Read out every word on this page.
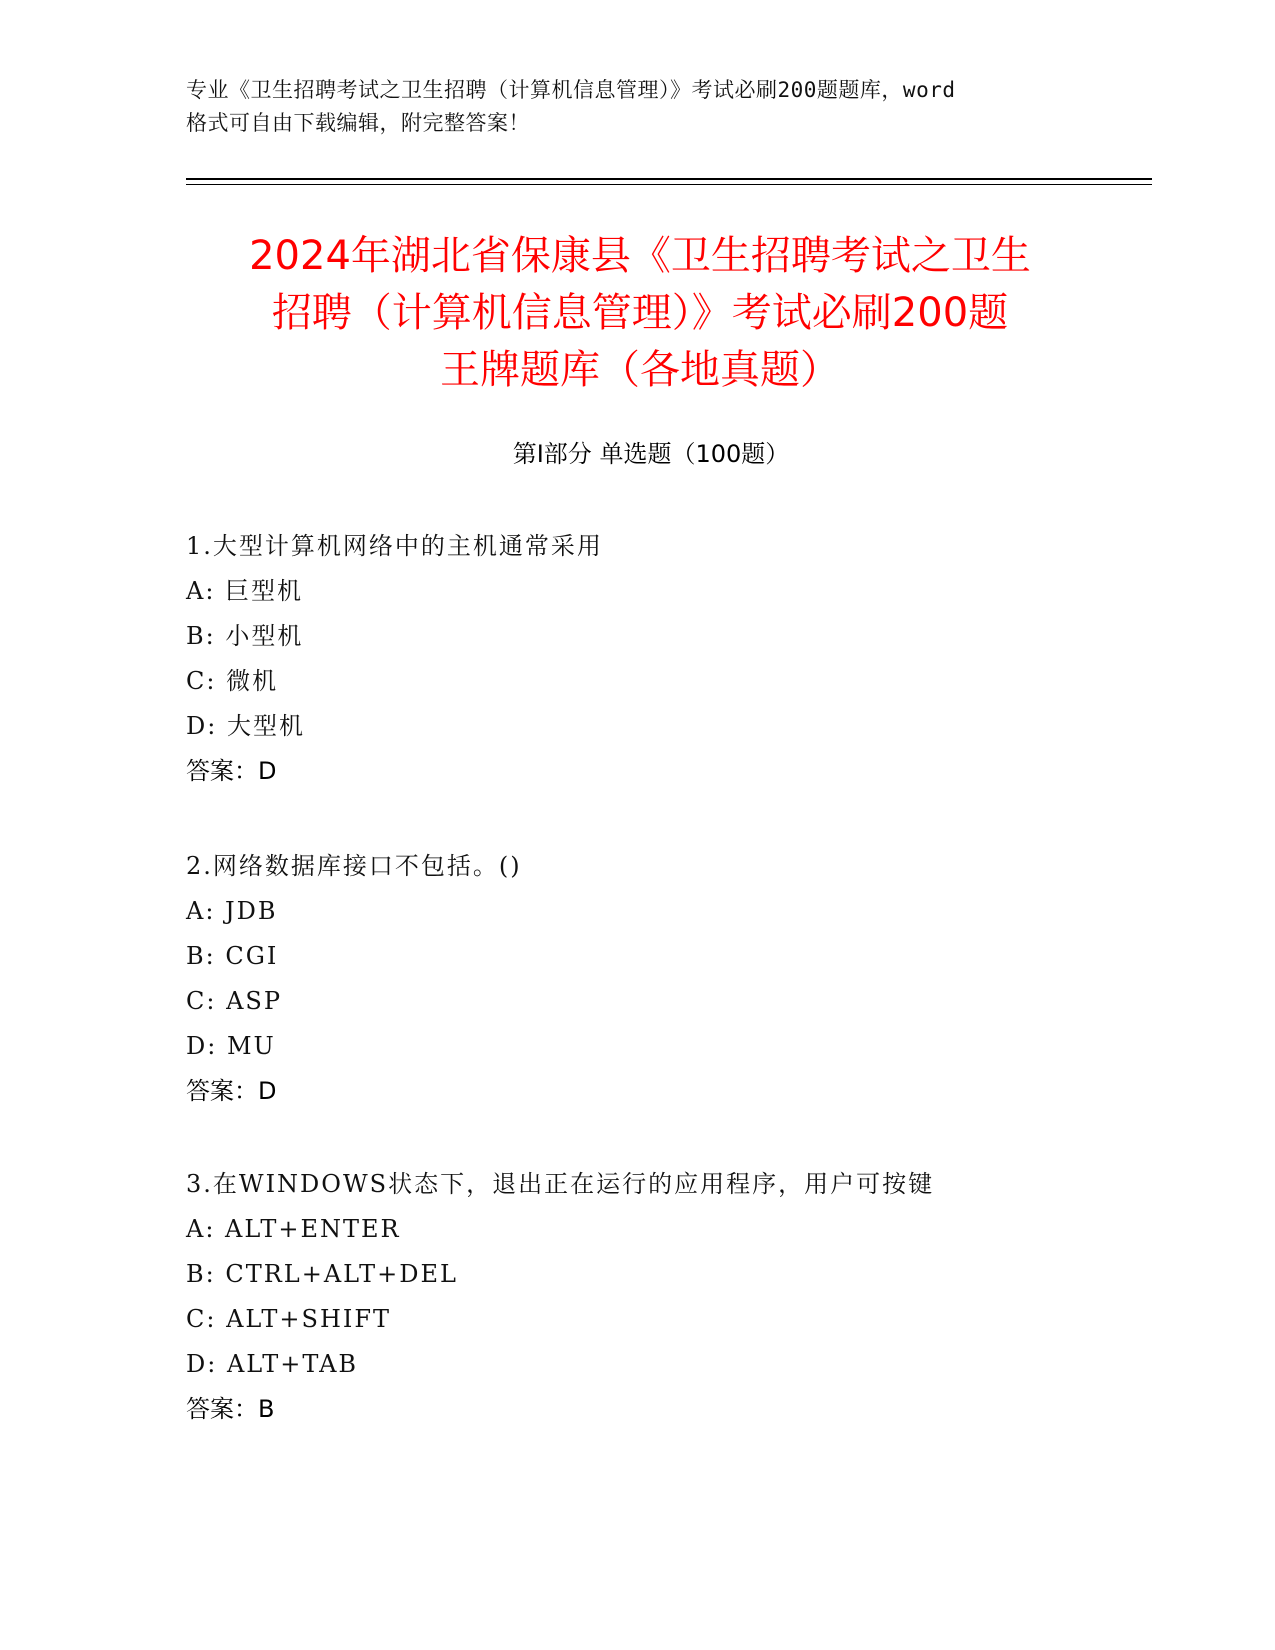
专业《卫生招聘考试之卫生招聘（计算机信息管理）》考试必刷200题题库，word
格式可自由下载编辑，附完整答案！
2024年湖北省保康县《卫生招聘考试之卫生
招聘（计算机信息管理）》考试必刷200题
王牌题库（各地真题）
第Ⅰ部分 单选题（100题）
1.大型计算机网络中的主机通常采用
A: 巨型机
B: 小型机
C: 微机
D: 大型机
答案：D
2.网络数据库接口不包括。()
A: JDB
B: CGI
C: ASP
D: MU
答案：D
3.在WINDOWS状态下，退出正在运行的应用程序，用户可按键
A: ALT+ENTER
B: CTRL+ALT+DEL
C: ALT+SHIFT
D: ALT+TAB
答案：B
